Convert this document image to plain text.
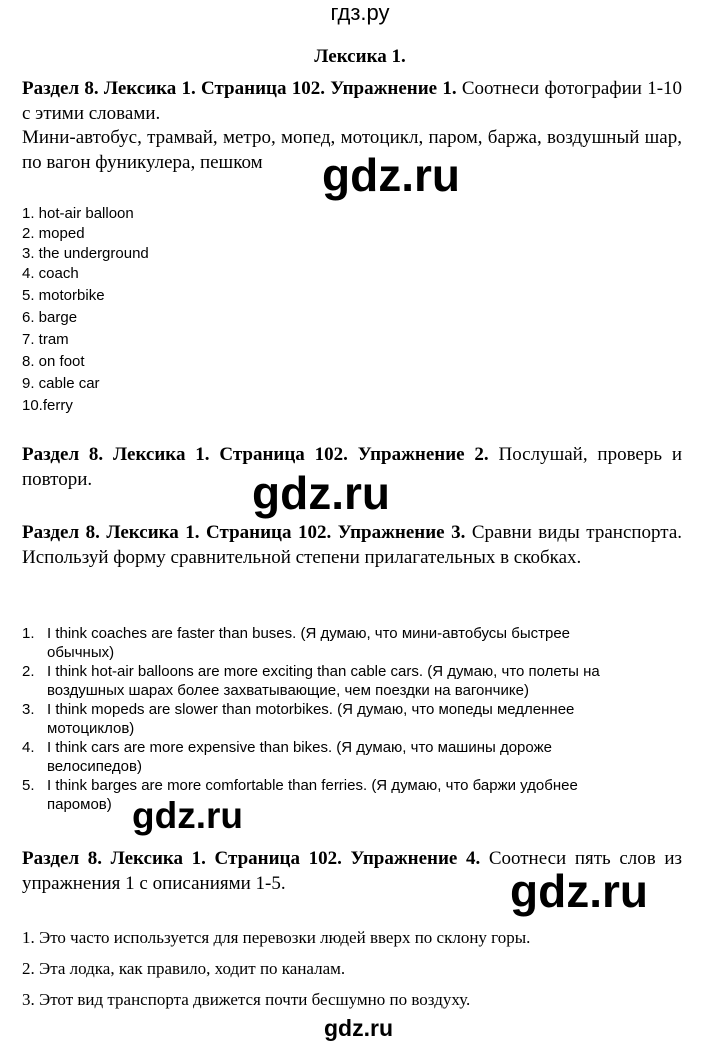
гдз.ру
Лексика 1.
Раздел 8. Лексика 1. Страница 102. Упражнение 1. Соотнеси фотографии 1-10 с этими словами.
Мини-автобус, трамвай, метро, мопед, мотоцикл, паром, баржа, воздушный шар, по вагон фуникулера, пешком
1. hot-air balloon
2. moped
3. the underground
4. coach
5. motorbike
6. barge
7. tram
8. on foot
9. cable car
10.ferry
Раздел 8. Лексика 1. Страница 102. Упражнение 2. Послушай, проверь и повтори.
Раздел 8. Лексика 1. Страница 102. Упражнение 3. Сравни виды транспорта. Используй форму сравнительной степени прилагательных в скобках.
1. I think coaches are faster than buses. (Я думаю, что мини-автобусы быстрее
обычных)
2. I think hot-air balloons are more exciting than cable cars. (Я думаю, что полеты на
воздушных шарах более захватывающие, чем поездки на вагончике)
3. I think mopeds are slower than motorbikes. (Я думаю, что мопеды медленнее
мотоциклов)
4. I think cars are more expensive than bikes. (Я думаю, что машины дороже
велосипедов)
5. I think barges are more comfortable than ferries. (Я думаю, что баржи удобнее
паромов)
Раздел 8. Лексика 1. Страница 102. Упражнение 4. Соотнеси пять слов из упражнения 1 с описаниями 1-5.
1. Это часто используется для перевозки людей вверх по склону горы.
2. Эта лодка, как правило, ходит по каналам.
3. Этот вид транспорта движется почти бесшумно по воздуху.
gdz.ru
gdz.ru
gdz.ru
gdz.ru
gdz.ru
